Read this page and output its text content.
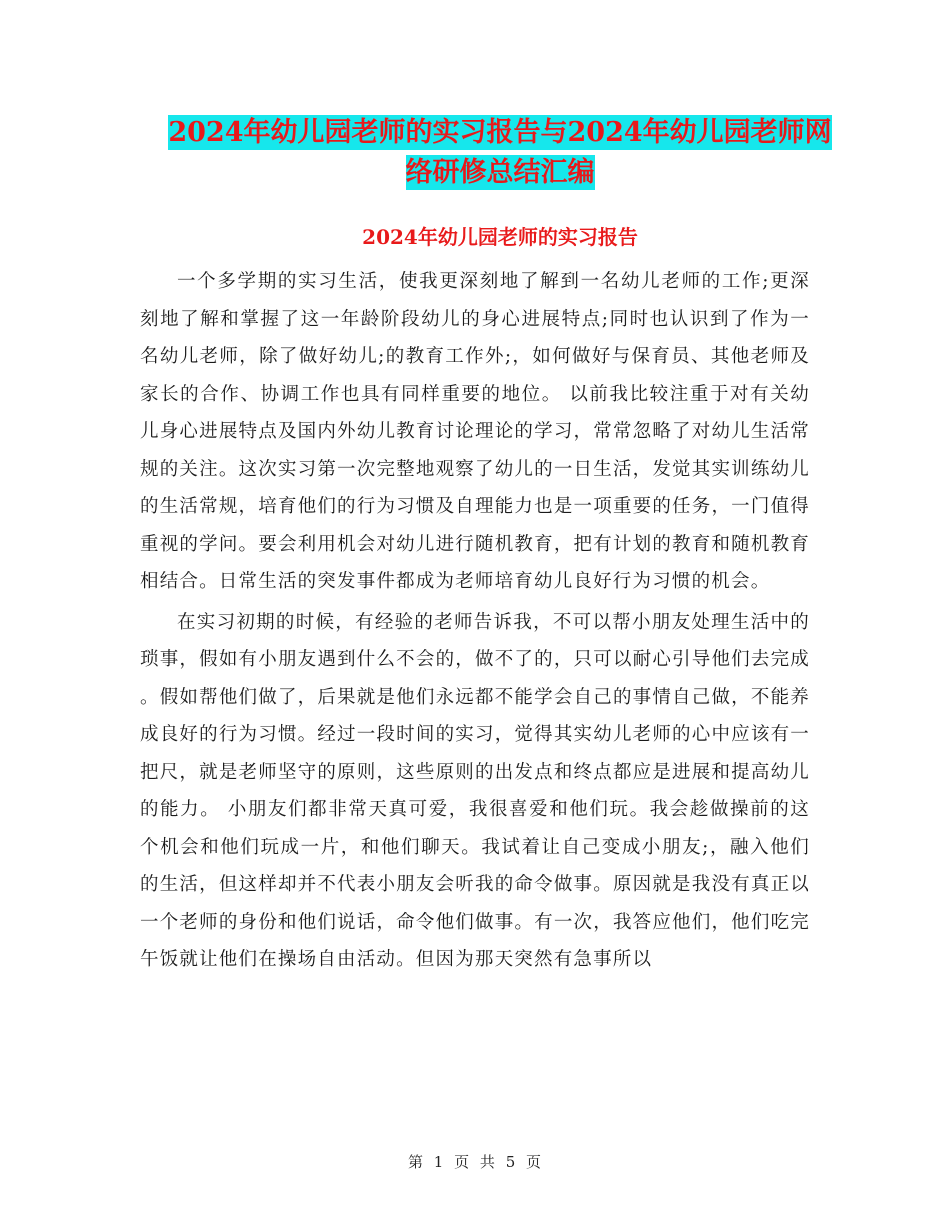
2024年幼儿园老师的实习报告与2024年幼儿园老师网
络研修总结汇编
2024年幼儿园老师的实习报告

一个多学期的实习生活，使我更深刻地了解到一名幼儿老师的工作;更深刻地了解和掌握了这一年龄阶段幼儿的身心进展特点;同时也认识到了作为一名幼儿老师，除了做好幼儿;的教育工作外;，如何做好与保育员、其他老师及家长的合作、协调工作也具有同样重要的地位。 以前我比较注重于对有关幼儿身心进展特点及国内外幼儿教育讨论理论的学习，常常忽略了对幼儿生活常规的关注。这次实习第一次完整地观察了幼儿的一日生活，发觉其实训练幼儿的生活常规，培育他们的行为习惯及自理能力也是一项重要的任务，一门值得重视的学问。要会利用机会对幼儿进行随机教育，把有计划的教育和随机教育相结合。日常生活的突发事件都成为老师培育幼儿良好行为习惯的机会。

在实习初期的时候，有经验的老师告诉我，不可以帮小朋友处理生活中的琐事，假如有小朋友遇到什么不会的，做不了的，只可以耐心引导他们去完成 。假如帮他们做了，后果就是他们永远都不能学会自己的事情自己做，不能养成良好的行为习惯。经过一段时间的实习，觉得其实幼儿老师的心中应该有一把尺，就是老师坚守的原则，这些原则的出发点和终点都应是进展和提高幼儿的能力。 小朋友们都非常天真可爱，我很喜爱和他们玩。我会趁做操前的这个机会和他们玩成一片，和他们聊天。我试着让自己变成小朋友;，融入他们的生活，但这样却并不代表小朋友会听我的命令做事。原因就是我没有真正以一个老师的身份和他们说话，命令他们做事。有一次，我答应他们，他们吃完午饭就让他们在操场自由活动。但因为那天突然有急事所以

第 1 页 共 5 页
